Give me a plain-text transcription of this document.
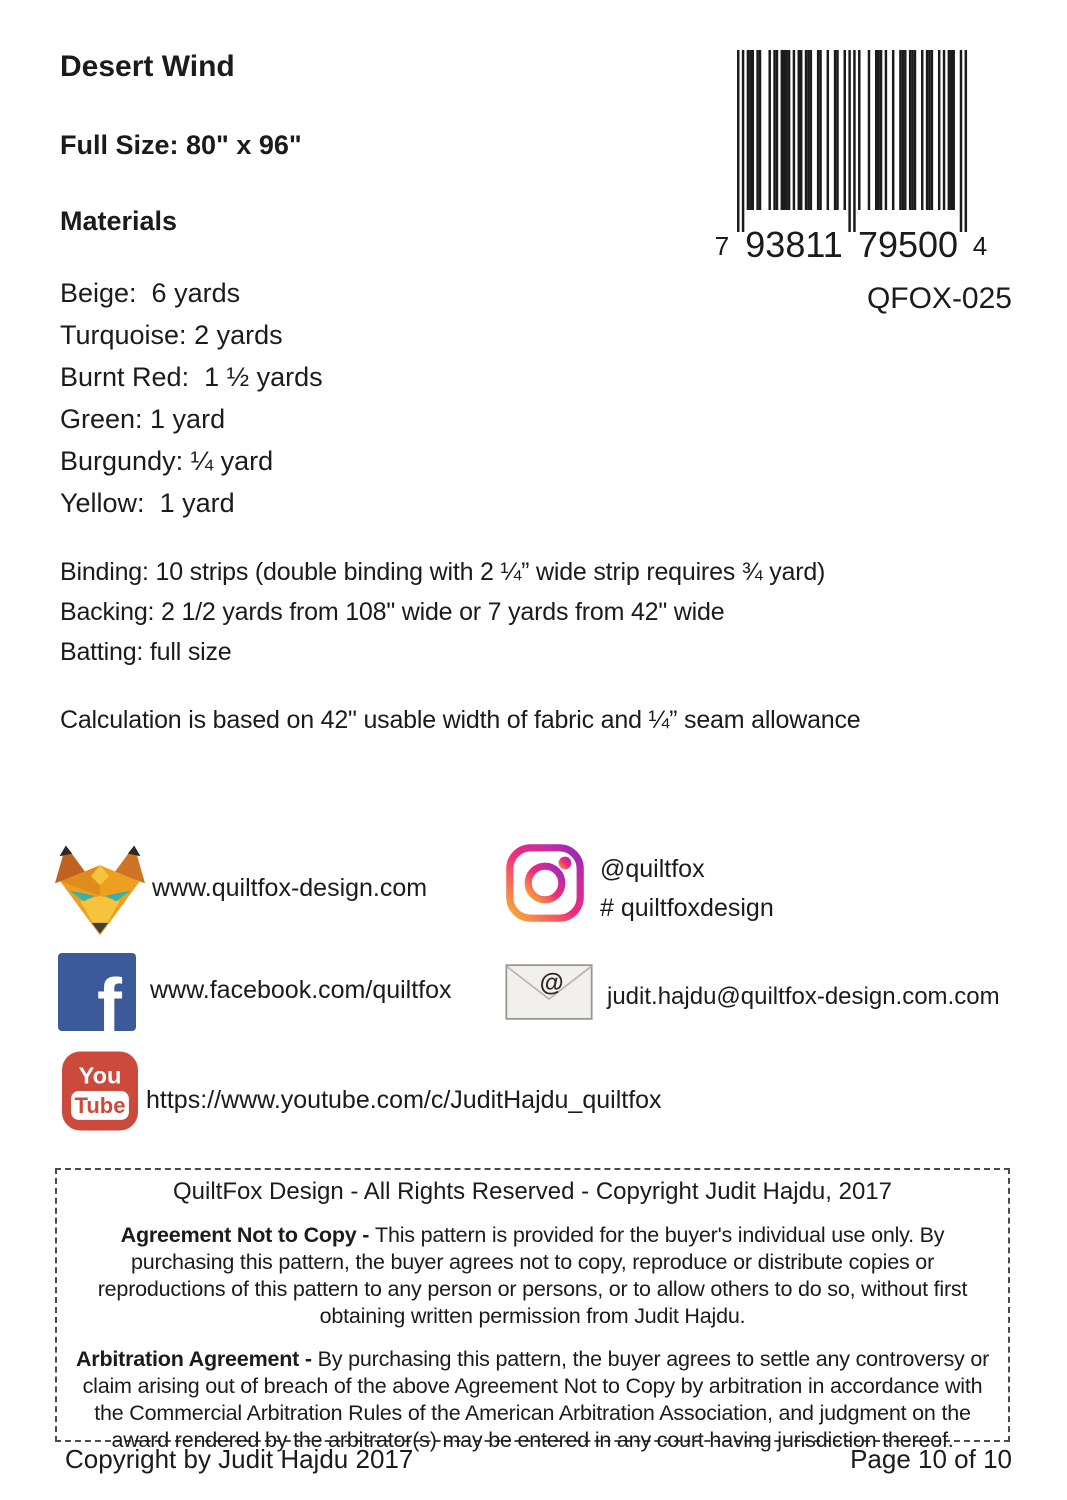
Desert Wind
Full Size: 80" x 96"
Materials
Beige:  6 yards
Turquoise: 2 yards
Burnt Red:  1 ½ yards
Green: 1 yard
Burgundy: ¼ yard
Yellow:  1 yard
Binding: 10 strips (double binding with 2 ¼” wide strip requires ¾ yard)
Backing: 2 1/2 yards from 108" wide or 7 yards from 42" wide
Batting: full size
Calculation is based on 42" usable width of fabric and ¼” seam allowance
7 93811 79500 4
QFOX-025
www.quiltfox-design.com
@quiltfox
# quiltfoxdesign
f www.facebook.com/quiltfox	@ judit.hajdu@quiltfox-design.com.com
You
Tube https://www.youtube.com/c/JuditHajdu_quiltfox
QuiltFox Design - All Rights Reserved - Copyright Judit Hajdu, 2017
Agreement Not to Copy - This pattern is provided for the buyer's individual use only. By purchasing this pattern, the buyer agrees not to copy, reproduce or distribute copies or reproductions of this pattern to any person or persons, or to allow others to do so, without first obtaining written permission from Judit Hajdu.
Arbitration Agreement - By purchasing this pattern, the buyer agrees to settle any controversy or claim arising out of breach of the above Agreement Not to Copy by arbitration in accordance with the Commercial Arbitration Rules of the American Arbitration Association, and judgment on the award rendered by the arbitrator(s) may be entered in any court having jurisdiction thereof.
Copyright by Judit Hajdu 2017	Page 10 of 10
